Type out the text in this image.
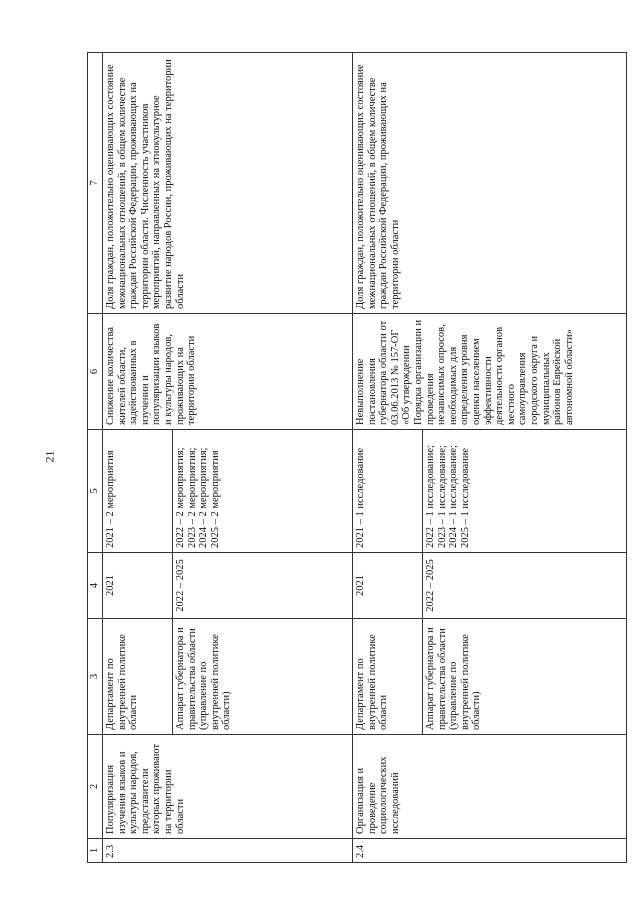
21
1	2	3	4	5	6	7
2.3	Популяризация изучения языков и культуры народов, представители которых проживают на территории области	Департамент по внутренней политике области	2021	2021 – 2 мероприятия	Снижение количества жителей области, задействованных в изучении и популяризации языков и культуры народов, проживающих на территории области	Доля граждан, положительно оценивающих состояние межнациональных отношений, в общем количестве граждан Российской Федерации, проживающих на территории области. Численность участников мероприятий, направленных на этнокультурное развитие народов России, проживающих на территории области
		Аппарат губернатора и правительства области (управление по внутренней политике области)	2022 – 2025	2022 – 2 мероприятия; 2023 – 2 мероприятия; 2024 – 2 мероприятия; 2025 – 2 мероприятия		
2.4	Организация и проведение социологических исследований	Департамент по внутренней политике области	2021	2021 – 1 исследование	Невыполнение постановления губернатора области от 03.06.2013 № 157-ОГ «Об утверждении Порядка организации и проведения независимых опросов, необходимых для определения уровня оценки населением эффективности деятельности органов местного самоуправления городского округа и муниципальных районов Еврейской автономной области»	Доля граждан, положительно оценивающих состояние межнациональных отношений, в общем количестве граждан Российской Федерации, проживающих на территории области
		Аппарат губернатора и правительства области (управление по внутренней политике области)	2022 – 2025	2022 – 1 исследование; 2023 – 1 исследование; 2024 – 1 исследование; 2025 – 1 исследование		
